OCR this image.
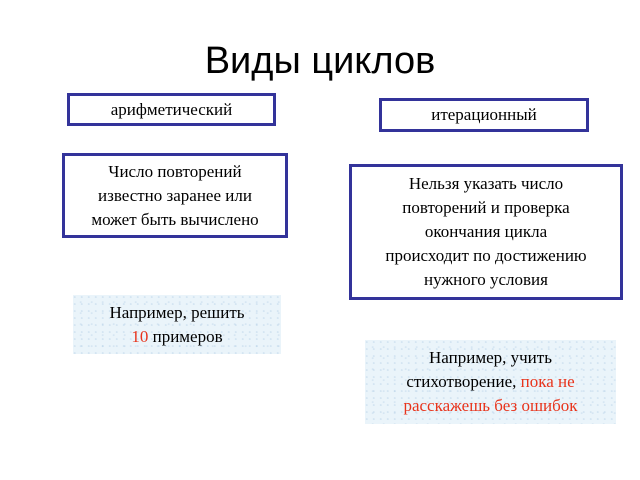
Виды циклов
арифметический	итерационный
Число повторений
известно заранее или
может быть вычислено
Нельзя указать число
повторений и проверка
окончания цикла
происходит по достижению
нужного условия
Например, решить
10 примеров
Например, учить
стихотворение, пока не
расскажешь без ошибок
